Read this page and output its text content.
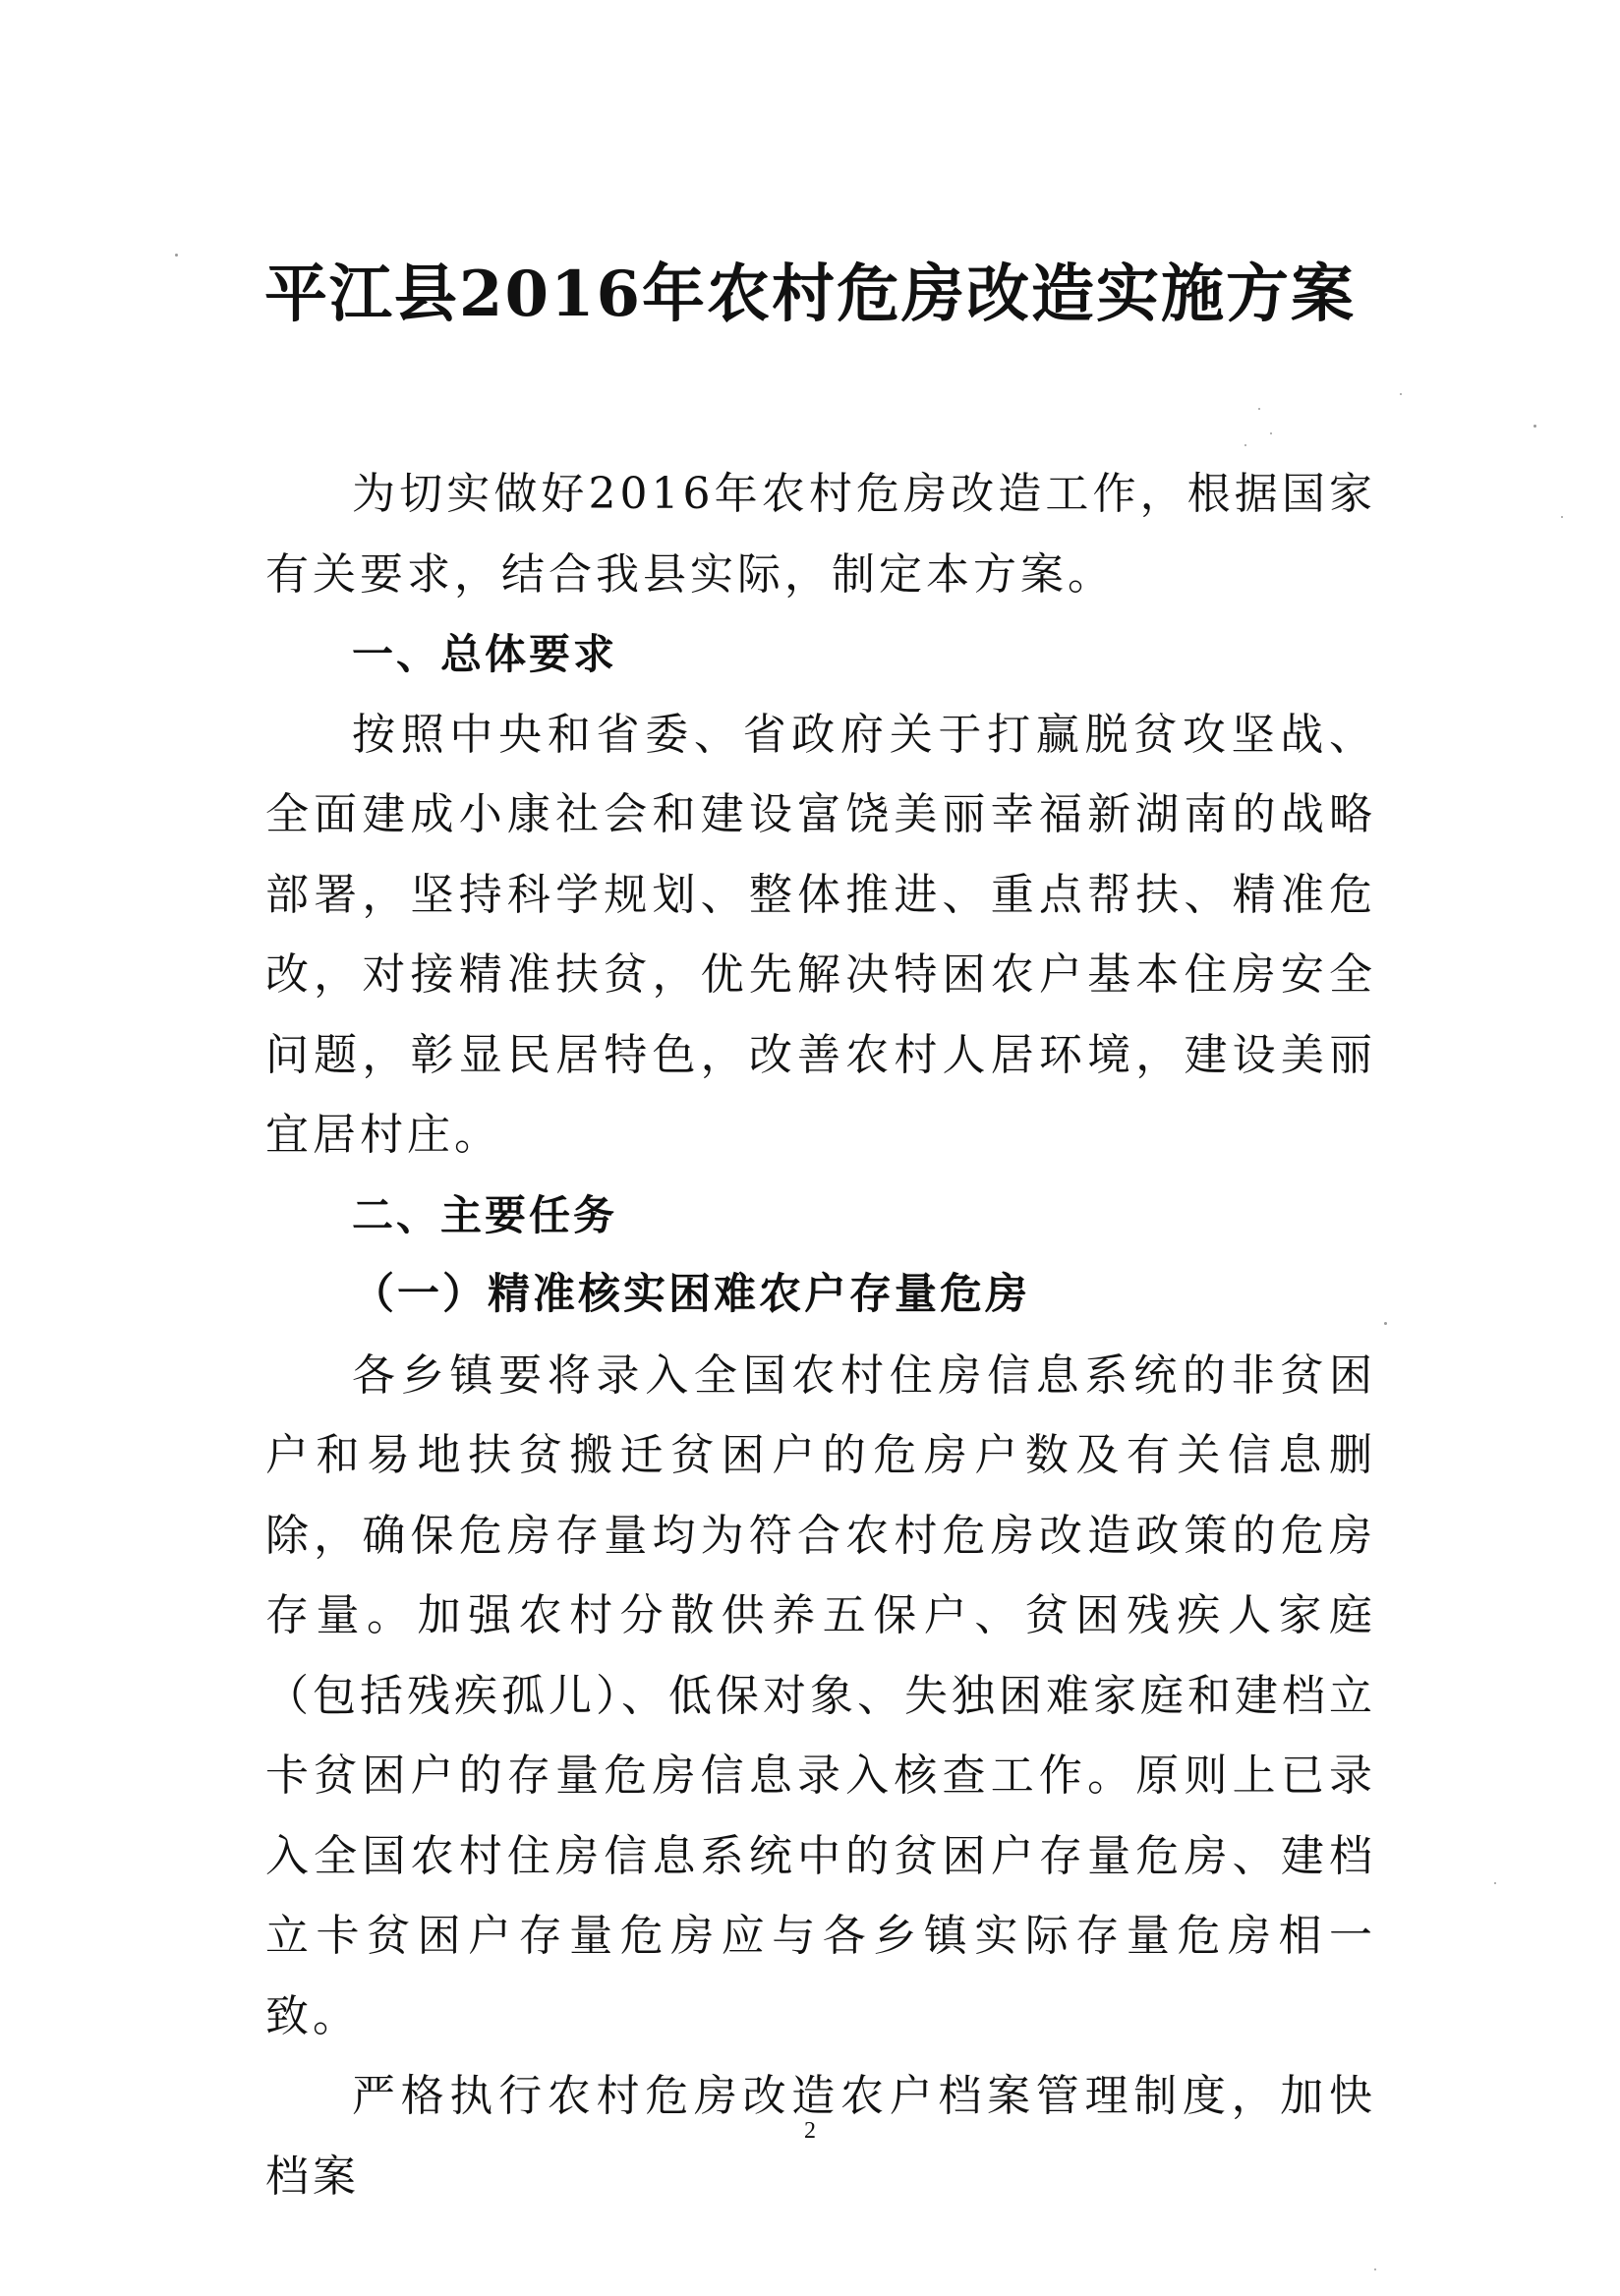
平江县2016年农村危房改造实施方案

为切实做好2016年农村危房改造工作，根据国家有关要求，结合我县实际，制定本方案。

一、总体要求

按照中央和省委、省政府关于打赢脱贫攻坚战、全面建成小康社会和建设富饶美丽幸福新湖南的战略部署，坚持科学规划、整体推进、重点帮扶、精准危改，对接精准扶贫，优先解决特困农户基本住房安全问题，彰显民居特色，改善农村人居环境，建设美丽宜居村庄。

二、主要任务

（一）精准核实困难农户存量危房

各乡镇要将录入全国农村住房信息系统的非贫困户和易地扶贫搬迁贫困户的危房户数及有关信息删除，确保危房存量均为符合农村危房改造政策的危房存量。加强农村分散供养五保户、贫困残疾人家庭（包括残疾孤儿）、低保对象、失独困难家庭和建档立卡贫困户的存量危房信息录入核查工作。原则上已录入全国农村住房信息系统中的贫困户存量危房、建档立卡贫困户存量危房应与各乡镇实际存量危房相一致。

严格执行农村危房改造农户档案管理制度，加快档案

2
